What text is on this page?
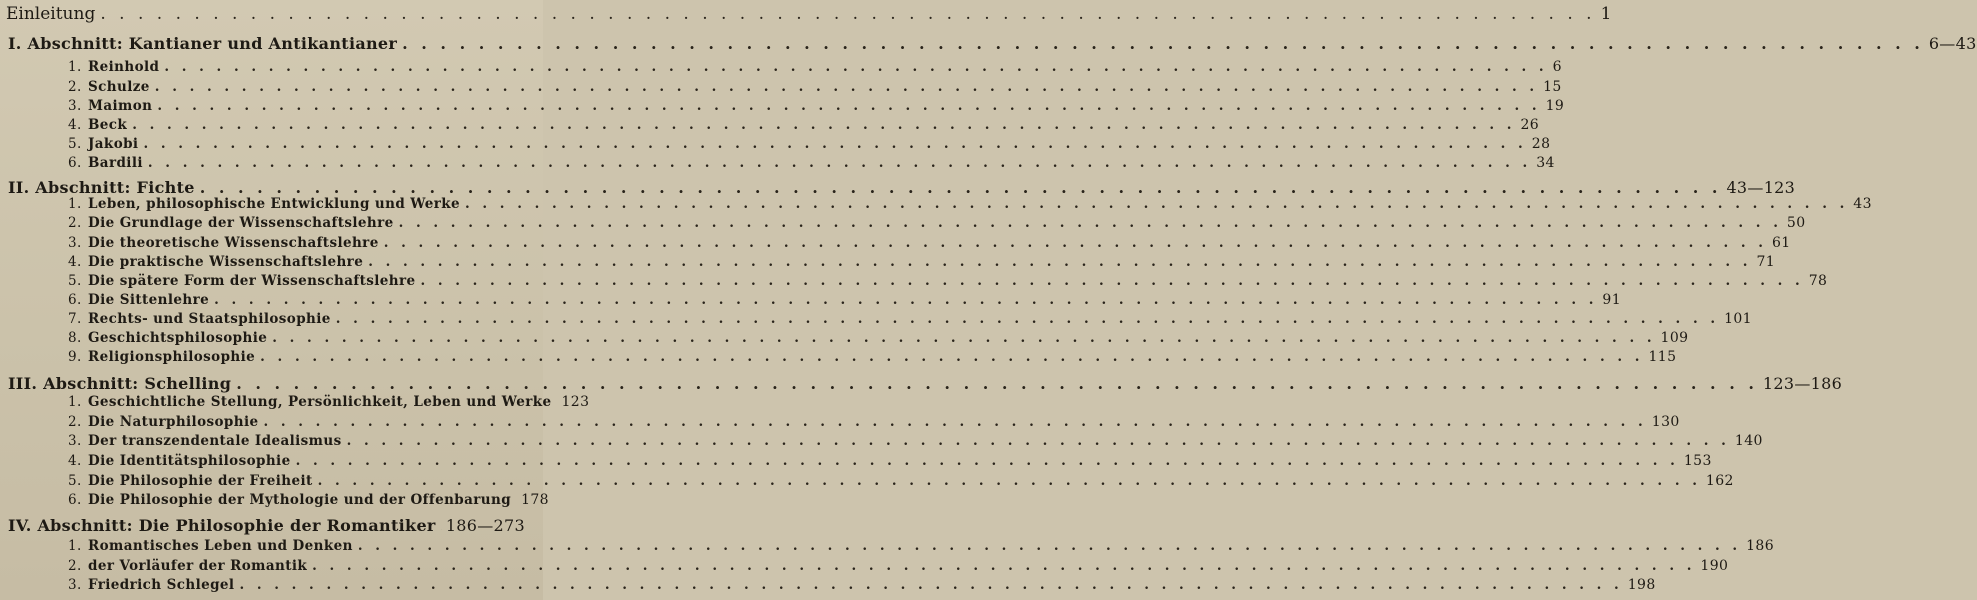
Einleitung . . .	1
I. Abschnitt: Kantianer und Antikantianer . . .	6—43
1. Reinhold . . .	6
2. Schulze . . .	15
3. Maimon . . .	19
4. Beck . . .	26
5. Jakobi . . .	28
6. Bardili . . .	34
II. Abschnitt: Fichte . . .	43—123
1. Leben, philosophische Entwicklung und Werke . . .	43
2. Die Grundlage der Wissenschaftslehre . . .	50
3. Die theoretische Wissenschaftslehre . . .	61
4. Die praktische Wissenschaftslehre . . .	71
5. Die spätere Form der Wissenschaftslehre . . .	78
6. Die Sittenlehre . . .	91
7. Rechts- und Staatsphilosophie . . .	101
8. Geschichtsphilosophie . . .	109
9. Religionsphilosophie . . .	115
III. Abschnitt: Schelling . . .	123—186
1. Geschichtliche Stellung, Persönlichkeit, Leben und Werke 123
2. Die Naturphilosophie . . .	130
3. Der transzendentale Idealismus . . .	140
4. Die Identitätsphilosophie . . .	153
5. Die Philosophie der Freiheit . . .	162
6. Die Philosophie der Mythologie und der Offenbarung 178
IV. Abschnitt: Die Philosophie der Romantiker . . . 186—273
1. Romantisches Leben und Denken . . .	186
2. der Vorläufer der Romantik . . .	190
3. Friedrich Schlegel . . .	198
